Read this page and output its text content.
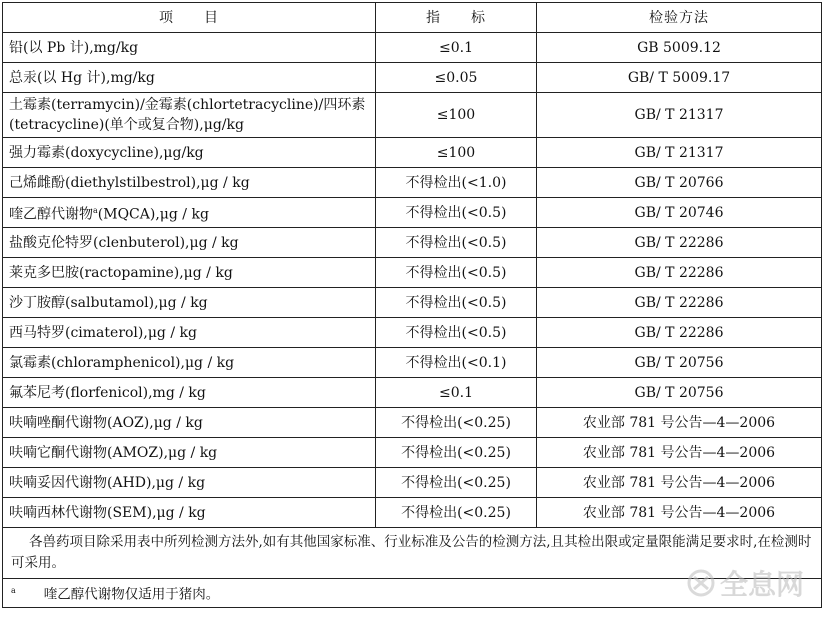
项　　目	指　　标	检验方法
铅(以 Pb 计),mg/kg	≤0.1	GB 5009.12
总汞(以 Hg 计),mg/kg	≤0.05	GB/ T 5009.17
土霉素(terramycin)/金霉素(chlortetracycline)/四环素(tetracycline)(单个或复合物),μg/kg	≤100	GB/ T 21317
强力霉素(doxycycline),μg/kg	≤100	GB/ T 21317
己烯雌酚(diethylstilbestrol),μg / kg	不得检出(<1.0)	GB/ T 20766
喹乙醇代谢物$^a$(MQCA),μg / kg	不得检出(<0.5)	GB/ T 20746
盐酸克伦特罗(clenbuterol),μg / kg	不得检出(<0.5)	GB/ T 22286
莱克多巴胺(ractopamine),μg / kg	不得检出(<0.5)	GB/ T 22286
沙丁胺醇(salbutamol),μg / kg	不得检出(<0.5)	GB/ T 22286
西马特罗(cimaterol),μg / kg	不得检出(<0.5)	GB/ T 22286
氯霉素(chloramphenicol),μg / kg	不得检出(<0.1)	GB/ T 20756
氟苯尼考(florfenicol),mg / kg	≤0.1	GB/ T 20756
呋喃唑酮代谢物(AOZ),μg / kg	不得检出(<0.25)	农业部 781 号公告—4—2006
呋喃它酮代谢物(AMOZ),μg / kg	不得检出(<0.25)	农业部 781 号公告—4—2006
呋喃妥因代谢物(AHD),μg / kg	不得检出(<0.25)	农业部 781 号公告—4—2006
呋喃西林代谢物(SEM),μg / kg	不得检出(<0.25)	农业部 781 号公告—4—2006
各兽药项目除采用表中所列检测方法外,如有其他国家标准、行业标准及公告的检测方法,且其检出限或定量限能满足要求时,在检测时可采用。		
$^a$ 喹乙醇代谢物仅适用于猪肉。			全息网
